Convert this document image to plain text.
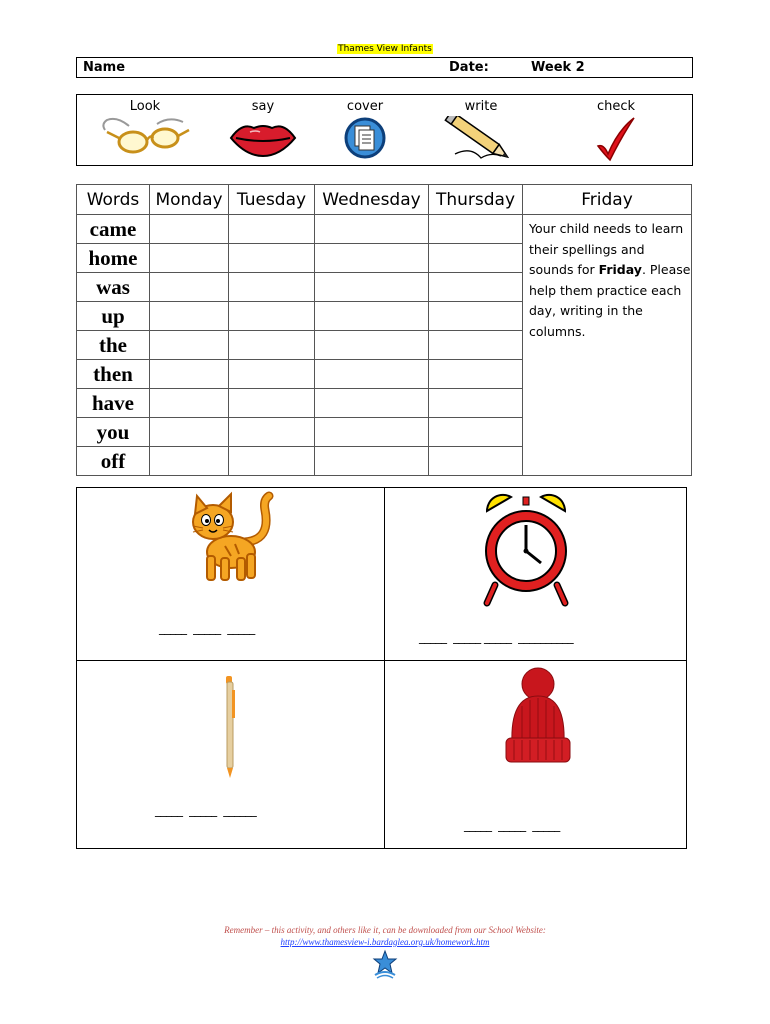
Thames View Infants
Name	Date:	Week 2
Look	say	cover	write	check
Words	Monday	Tuesday	Wednesday	Thursday	Friday
came					Your child needs to learn their spellings and sounds for Friday. Please help them practice each day, writing in the columns.
home					
was					
up					
the					
then					
have					
you					
off					
_____  _____  _____
_____  _____ _____  __________
_____  _____  ______
_____  _____  _____
Remember – this activity, and others like it, can be downloaded from our School Website:
http://www.thamesview-i.bardaglea.org.uk/homework.htm
